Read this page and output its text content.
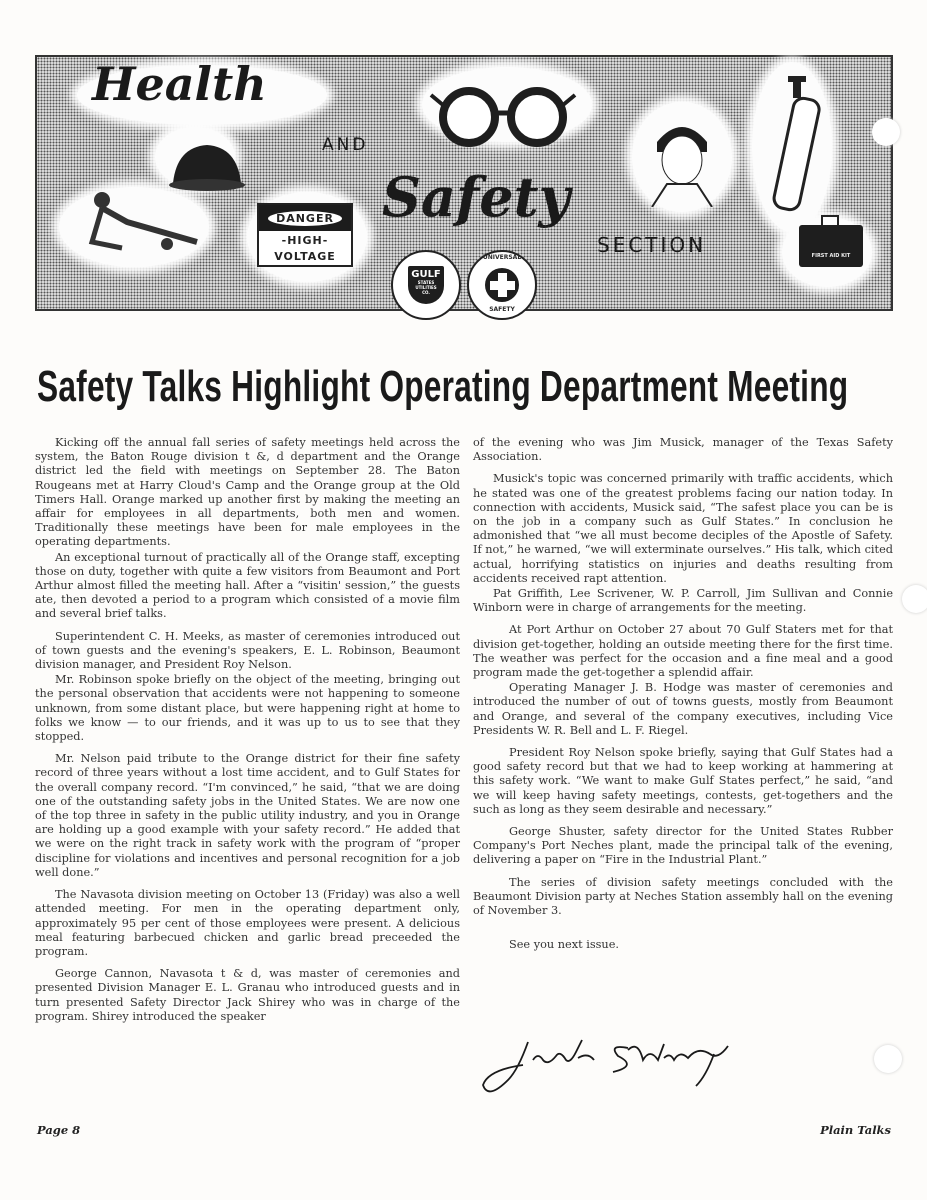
Health
AND
Safety
SECTION	FIRST AID KIT
DANGER
-HIGH-
VOLTAGE
GULF
STATES UTILITIES CO.
UNIVERSAL
SAFETY
Safety Talks Highlight Operating Department Meeting

Kicking off the annual fall series of safety meetings held across the system, the Baton Rouge division t &, d department and the Orange district led the field with meetings on September 28. The Baton Rougeans met at Harry Cloud's Camp and the Orange group at the Old Timers Hall. Orange marked up another first by making the meeting an affair for employees in all departments, both men and women. Traditionally these meetings have been for male employees in the operating departments.

An exceptional turnout of practically all of the Orange staff, excepting those on duty, together with quite a few visitors from Beaumont and Port Arthur almost filled the meeting hall. After a “visitin' session,” the guests ate, then devoted a period to a program which consisted of a movie film and several brief talks.

Superintendent C. H. Meeks, as master of ceremonies introduced out of town guests and the evening's speakers, E. L. Robinson, Beaumont division manager, and President Roy Nelson.

Mr. Robinson spoke briefly on the object of the meeting, bringing out the personal observation that accidents were not happening to someone unknown, from some distant place, but were happening right at home to folks we know — to our friends, and it was up to us to see that they stopped.

Mr. Nelson paid tribute to the Orange district for their fine safety record of three years without a lost time accident, and to Gulf States for the overall company record. “I'm convinced,” he said, “that we are doing one of the outstanding safety jobs in the United States. We are now one of the top three in safety in the public utility industry, and you in Orange are holding up a good example with your safety record.” He added that we were on the right track in safety work with the program of “proper discipline for violations and incentives and personal recognition for a job well done.”

The Navasota division meeting on October 13 (Friday) was also a well attended meeting. For men in the operating department only, approximately 95 per cent of those employees were present. A delicious meal featuring barbecued chicken and garlic bread preceeded the program.

George Cannon, Navasota t & d, was master of ceremonies and presented Division Manager E. L. Granau who introduced guests and in turn presented Safety Director Jack Shirey who was in charge of the program. Shirey introduced the speaker

of the evening who was Jim Musick, manager of the Texas Safety Association.

Musick's topic was concerned primarily with traffic accidents, which he stated was one of the greatest problems facing our nation today. In connection with accidents, Musick said, “The safest place you can be is on the job in a company such as Gulf States.” In conclusion he admonished that “we all must become deciples of the Apostle of Safety. If not,” he warned, “we will exterminate ourselves.” His talk, which cited actual, horrifying statistics on injuries and deaths resulting from accidents received rapt attention.

Pat Griffith, Lee Scrivener, W. P. Carroll, Jim Sullivan and Connie Winborn were in charge of arrangements for the meeting.

At Port Arthur on October 27 about 70 Gulf Staters met for that division get-together, holding an outside meeting there for the first time. The weather was perfect for the occasion and a fine meal and a good program made the get-together a splendid affair.

Operating Manager J. B. Hodge was master of ceremonies and introduced the number of out of towns guests, mostly from Beaumont and Orange, and several of the company executives, including Vice Presidents W. R. Bell and L. F. Riegel.

President Roy Nelson spoke briefly, saying that Gulf States had a good safety record but that we had to keep working at hammering at this safety work. “We want to make Gulf States perfect,” he said, “and we will keep having safety meetings, contests, get-togethers and the such as long as they seem desirable and necessary.”

George Shuster, safety director for the United States Rubber Company's Port Neches plant, made the principal talk of the evening, delivering a paper on “Fire in the Industrial Plant.”

The series of division safety meetings concluded with the Beaumont Division party at Neches Station assembly hall on the evening of November 3.

See you next issue.

Page 8	Plain Talks
